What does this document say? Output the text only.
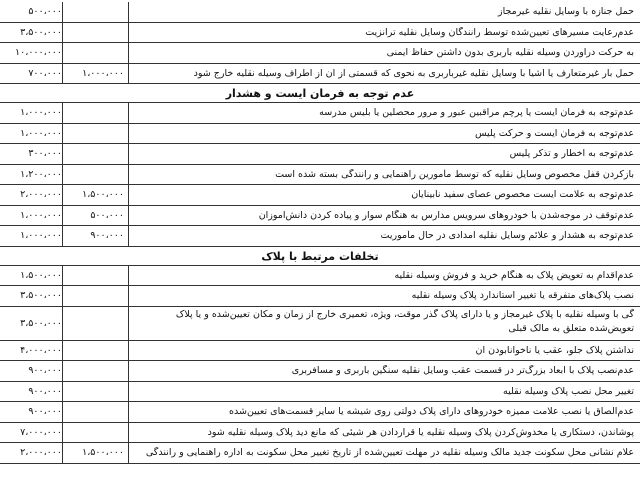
حمل جنازه با وسایل نقلیه غیرمجاز
۵۰۰،۰۰۰
عدم‌رعایت مسیرهای تعیین‌شده توسط رانندگان وسایل نقلیه ترانزیت
۳،۵۰۰،۰۰۰
به حرکت درآوردن وسیله نقلیه باربری بدون داشتن حفاظ ایمنی
۱۰،۰۰۰،۰۰۰
حمل بار غیرمتعارف یا اشیا با وسایل نقلیه غیرباربری به نحوی که قسمتی از آن از اطراف وسیله نقلیه خارج شود
۷۰۰،۰۰۰	۱،۰۰۰،۰۰۰
عدم توجه به فرمان ایست و هشدار
عدم‌توجه به فرمان ایست یا پرچم مراقبین عبور و مرور محصلین یا بلیس مدرسه
۱،۰۰۰،۰۰۰
عدم‌توجه به فرمان ایست و حرکت پلیس
۱،۰۰۰،۰۰۰
عدم‌توجه به اخطار و تذکر پلیس
۳۰۰،۰۰۰
بازکردن قفل مخصوص وسایل نقلیه که توسط مأمورین راهنمایی و رانندگی بسته شده است
۱،۲۰۰،۰۰۰
عدم‌توجه به علامت ایست مخصوص عصای سفید نابینایان
۲،۰۰۰،۰۰۰	۱،۵۰۰،۰۰۰
عدم‌توقف در موجه‌شدن با خودروهای سرویس مدارس به هنگام سوار و پیاده کردن دانش‌آموزان
۱،۰۰۰،۰۰۰	۵۰۰،۰۰۰
عدم‌توجه به هشدار و علائم وسایل نقلیه امدادی در حال مأموریت
۱،۰۰۰،۰۰۰	۹۰۰،۰۰۰
تخلفات مرتبط با پلاک
عدم‌اقدام به تعویض پلاک به هنگام خرید و فروش وسیله نقلیه
۱،۵۰۰،۰۰۰
نصب پلاک‌های متفرقه یا تغییر استاندارد پلاک وسیله نقلیه
۳،۵۰۰،۰۰۰
گی با وسیله نقلیه با پلاک غیرمجاز و یا دارای پلاک گذر موقت، ویژه، تعمیری خارج از زمان و مکان تعیین‌شده و یا پلاک
تعویض‌شده متعلق به مالک قبلی
۳،۵۰۰،۰۰۰
نداشتن پلاک جلو، عقب یا ناخوانابودن آن
۴،۰۰۰،۰۰۰
عدم‌نصب پلاک با ابعاد بزرگ‌تر در قسمت عقب وسایل نقلیه سنگین باربری و مسافربری
۹۰۰،۰۰۰
تغییر محل نصب پلاک وسیله نقلیه
۹۰۰،۰۰۰
عدم‌الصاق یا نصب علامت ممیزه خودروهای دارای پلاک دولتی روی شیشه یا سایر قسمت‌های تعیین‌شده
۹۰۰،۰۰۰
پوشاندن، دستکاری یا مخدوش‌کردن پلاک وسیله نقلیه یا قراردادن هر شیئی که مانع دید پلاک وسیله نقلیه شود
۷،۰۰۰،۰۰۰
علام نشانی محل سکونت جدید مالک وسیله نقلیه در مهلت تعیین‌شده از تاریخ تغییر محل سکونت به اداره راهنمایی و رانندگی
۲،۰۰۰،۰۰۰	۱،۵۰۰،۰۰۰
